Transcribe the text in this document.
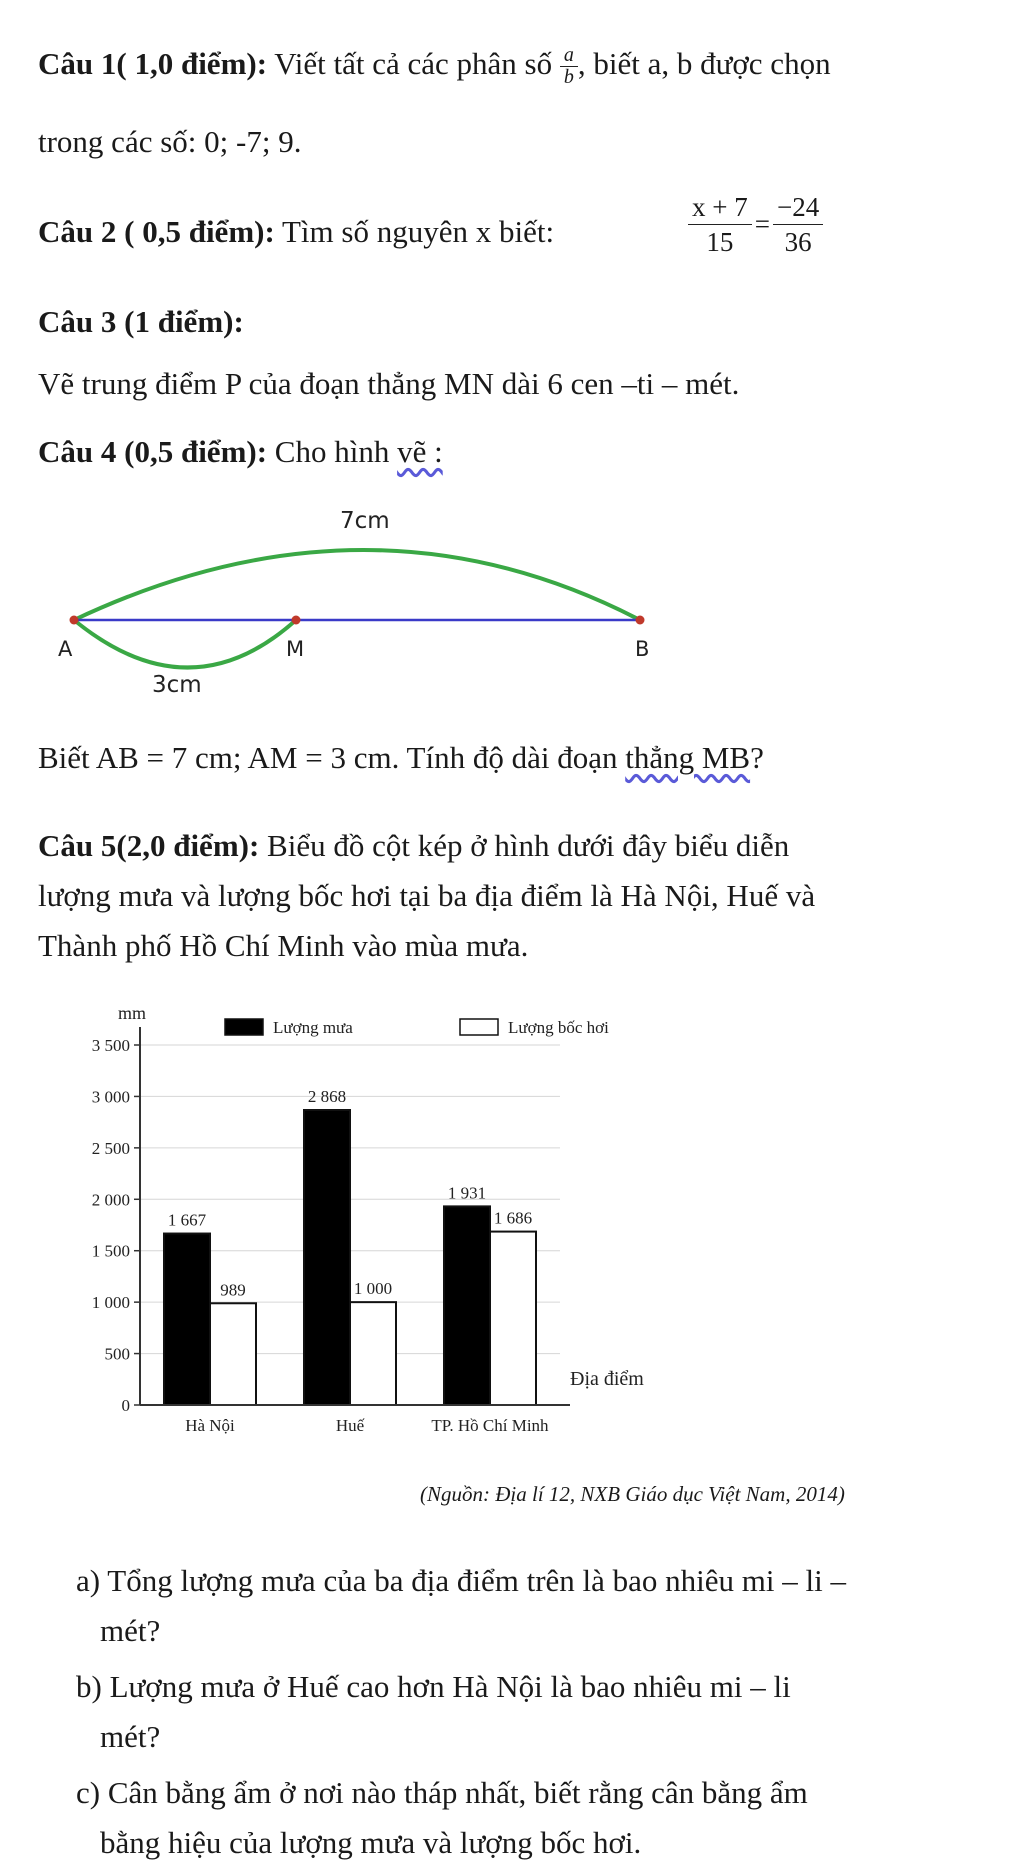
Câu 1( 1,0 điểm): Viết tất cả các phân số $\frac{a}{b}$ , biết a, b được chọn
trong các số: 0; -7; 9.
Câu 2 ( 0,5 điểm): Tìm số nguyên x biết:	$\frac{x + 7}{15} = \frac{-24}{36}$
Câu 3 (1 điểm):
Vẽ trung điểm P của đoạn thẳng MN dài 6 cen –ti – mét.
Câu 4 (0,5 điểm): Cho hình vẽ :
7cm
A	M	B
3cm
Biết AB = 7 cm; AM = 3 cm. Tính độ dài đoạn thẳng MB?
Câu 5(2,0 điểm): Biểu đồ cột kép ở hình dưới đây biểu diễn
lượng mưa và lượng bốc hơi tại ba địa điểm là Hà Nội, Huế và
Thành phố Hồ Chí Minh vào mùa mưa.
0
500
1 000
1 500
2 000
2 500
3 000
3 500
1 667
989
2 868
1 000
1 931
1 686
Hà Nội	Huế	TP. Hồ Chí Minh
mm
Địa điểm
Lượng mưa	Lượng bốc hơi
(Nguồn: Địa lí 12, NXB Giáo dục Việt Nam, 2014)
a) Tổng lượng mưa của ba địa điểm trên là bao nhiêu mi – li –
mét?
b) Lượng mưa ở Huế cao hơn Hà Nội là bao nhiêu mi – li
mét?
c) Cân bằng ẩm ở nơi nào tháp nhất, biết rằng cân bằng ẩm
bằng hiệu của lượng mưa và lượng bốc hơi.
